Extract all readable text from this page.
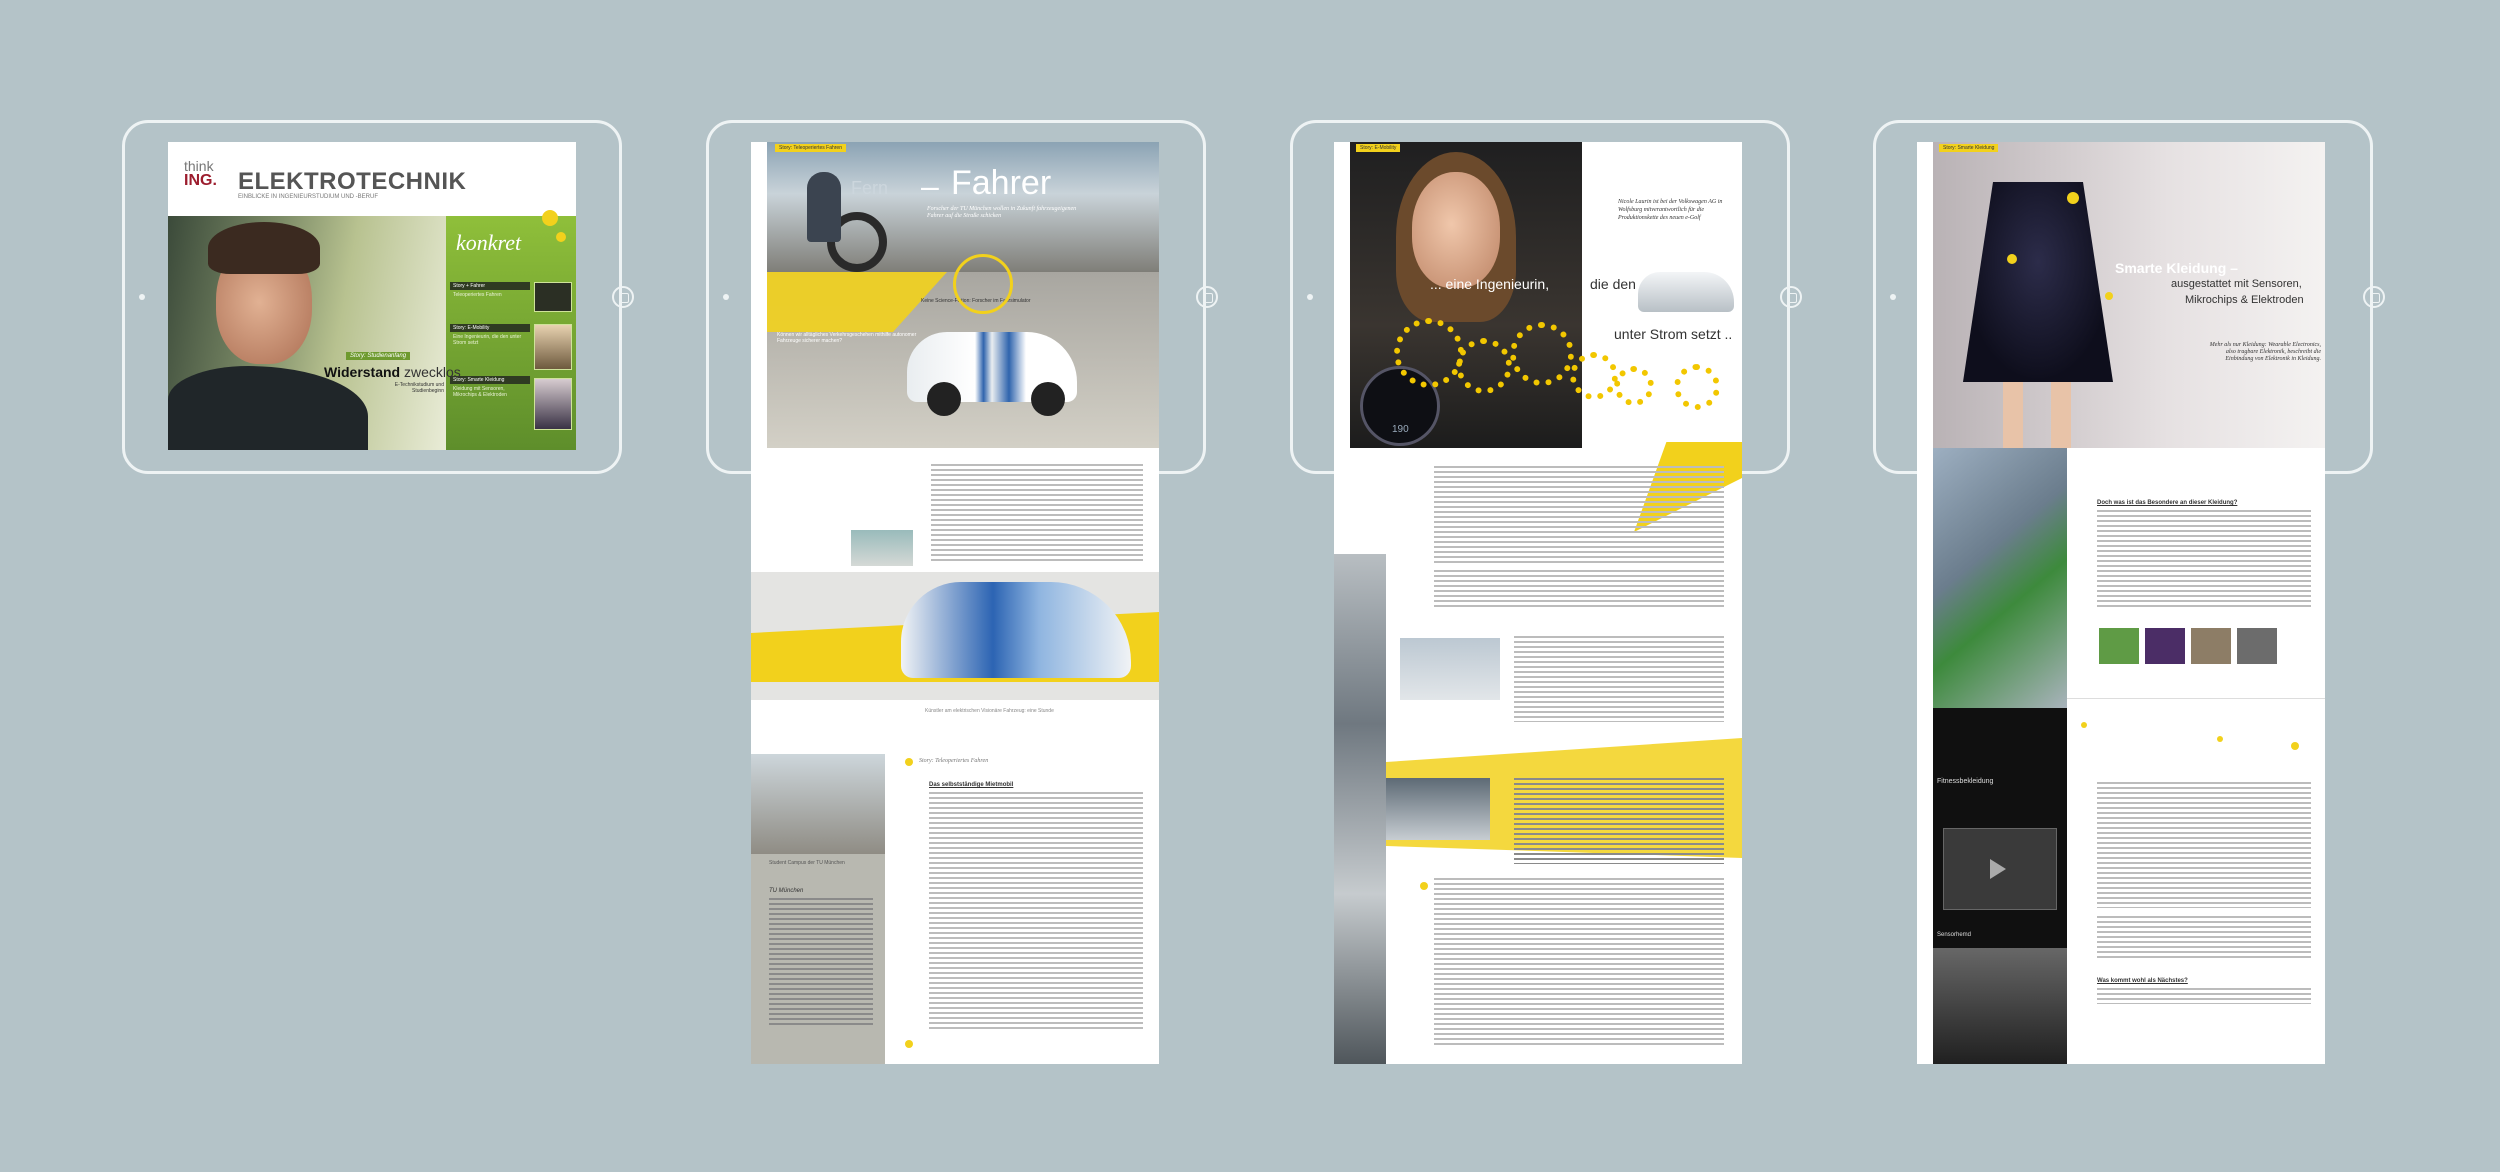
think
ING. ELEKTROTECHNIK
EINBLICKE IN INGENIEURSTUDIUM UND -BERUF
konkret
Story + Fahrer
Teleoperiertes Fahren
Story: E-Mobility
Eine Ingenieurin, die den unter Strom setzt
Story: Smarte Kleidung
Kleidung mit Sensoren, Mikrochips & Elektroden
Story: Studienanfang
Widerstand zwecklos
E-Technikstudium und Studienbeginn
Story: Teleoperiertes Fahren
Fern – Fahrer
Forscher der TU München wollen in Zukunft fahrzeugeigenen Fahrer auf die Straße schicken
Keine Science-Fiction: Forscher im Fahrsimulator
Können wir alltägliches Verkehrsgeschehen mithilfe autonomer Fahrzeuge sicherer machen?
Künstler am elektrischen Visionäre Fahrzeug: eine Stunde
Story: Teleoperiertes Fahren
Student Campus der TU München
TU München
Das selbstständige Mietmobil
190
Story: E-Mobility
Nicole Laurin ist bei der Volkswagen AG in Wolfsburg mitverantwortlich für die Produktionskette des neuen e-Golf
... eine Ingenieurin,	die den
unter Strom setzt ..
Story: Smarte Kleidung
Smarte Kleidung –
ausgestattet mit Sensoren,
Mikrochips & Elektroden
Mehr als nur Kleidung: Wearable Electronics, also tragbare Elektronik, beschreibt die Einbindung von Elektronik in Kleidung.
Fitnessbekleidung
Sensorhemd
Doch was ist das Besondere an dieser Kleidung?
Was kommt wohl als Nächstes?
